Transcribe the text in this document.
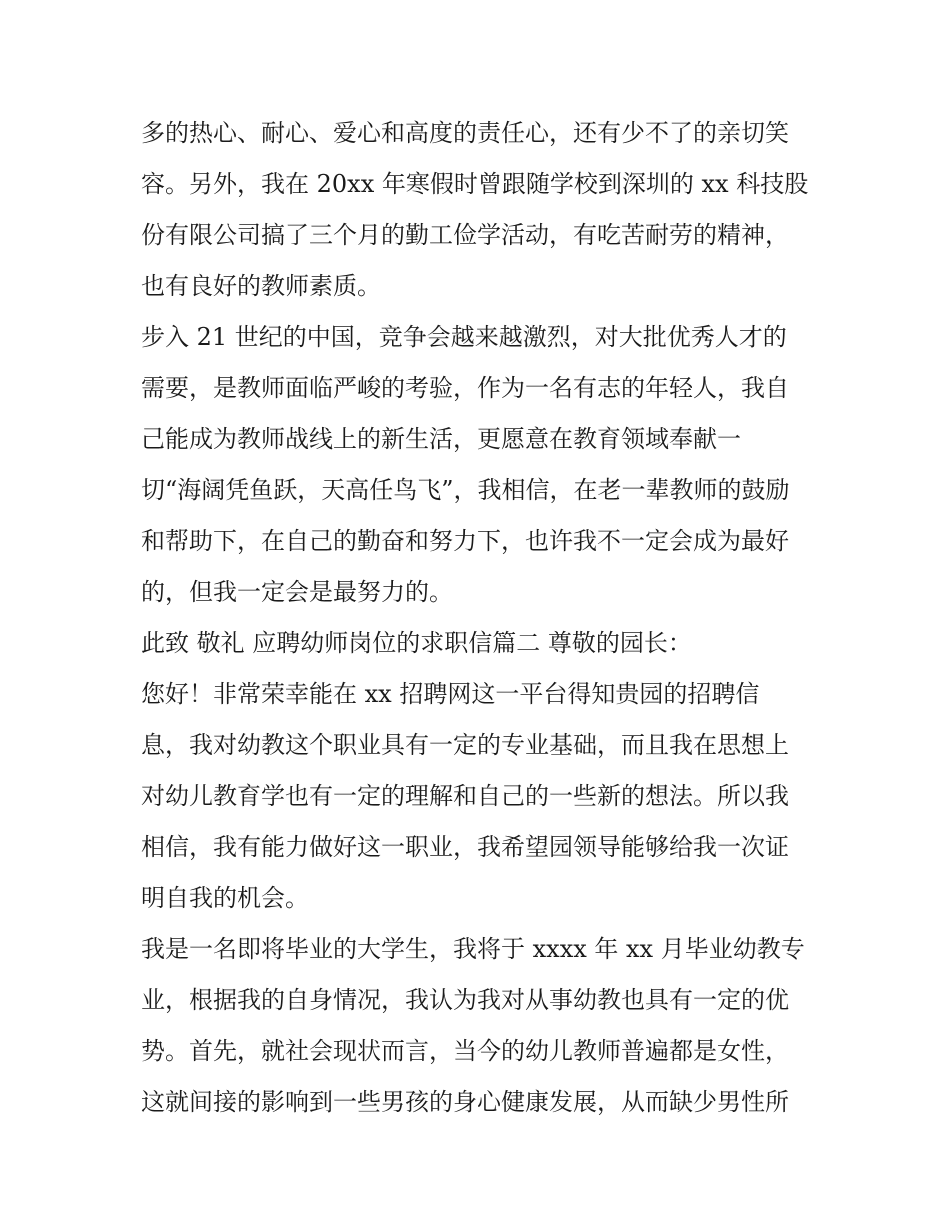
多的热心、耐心、爱心和高度的责任心，还有少不了的亲切笑
容。另外，我在 20xx 年寒假时曾跟随学校到深圳的 xx 科技股
份有限公司搞了三个月的勤工俭学活动，有吃苦耐劳的精神，
也有良好的教师素质。
步入 21 世纪的中国，竞争会越来越激烈，对大批优秀人才的
需要，是教师面临严峻的考验，作为一名有志的年轻人，我自
己能成为教师战线上的新生活，更愿意在教育领域奉献一
切“海阔凭鱼跃，天高任鸟飞”，我相信，在老一辈教师的鼓励
和帮助下，在自己的勤奋和努力下，也许我不一定会成为最好
的，但我一定会是最努力的。
此致 敬礼 应聘幼师岗位的求职信篇二 尊敬的园长：
您好！非常荣幸能在 xx 招聘网这一平台得知贵园的招聘信
息，我对幼教这个职业具有一定的专业基础，而且我在思想上
对幼儿教育学也有一定的理解和自己的一些新的想法。所以我
相信，我有能力做好这一职业，我希望园领导能够给我一次证
明自我的机会。
我是一名即将毕业的大学生，我将于 xxxx 年 xx 月毕业幼教专
业，根据我的自身情况，我认为我对从事幼教也具有一定的优
势。首先，就社会现状而言，当今的幼儿教师普遍都是女性，
这就间接的影响到一些男孩的身心健康发展，从而缺少男性所
